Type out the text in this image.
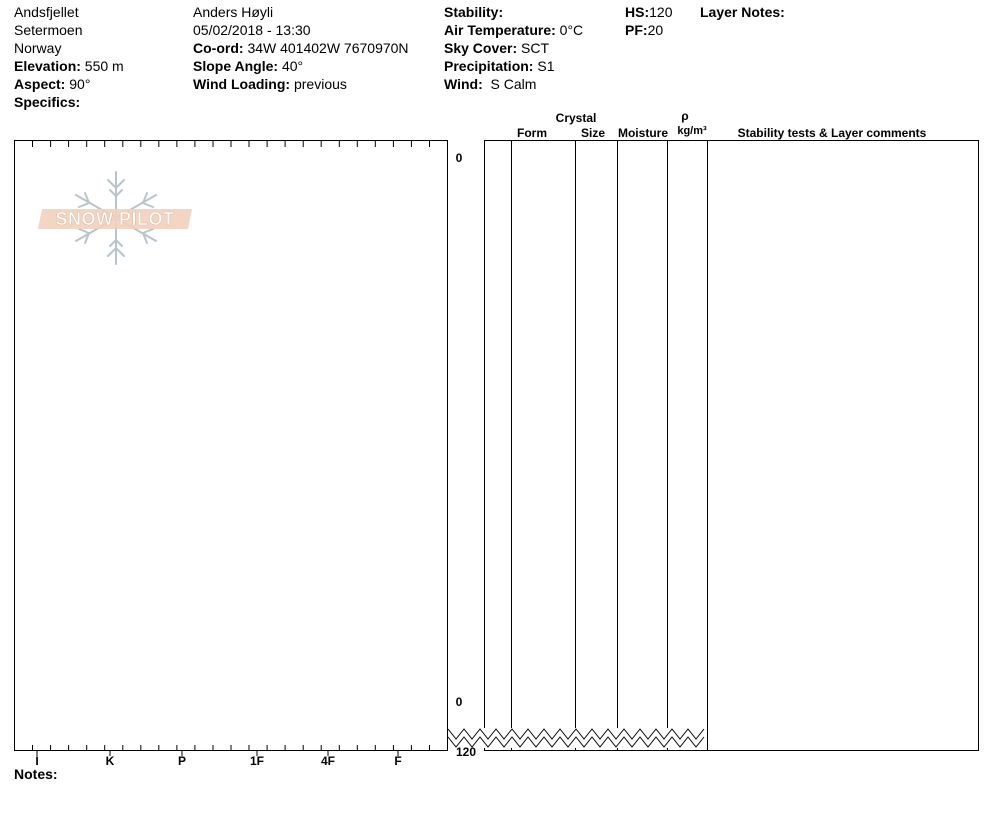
Andsfjellet
Setermoen
Norway
Elevation: 550 m
Aspect: 90°
Specifics:
Anders Høyli
05/02/2018 - 13:30
Co-ord: 34W 401402W 7670970N
Slope Angle: 40°
Wind Loading: previous
Stability:
Air Temperature: 0°C
Sky Cover: SCT
Precipitation: S1
Wind: S Calm
HS:120
PF:20
Layer Notes:
Crystal
Form	Size	Moisture
ρ
kg/m³	Stability tests & Layer comments
I	K	P	1F	4F	F
SNOW PILOT
0
0
120
Notes:
